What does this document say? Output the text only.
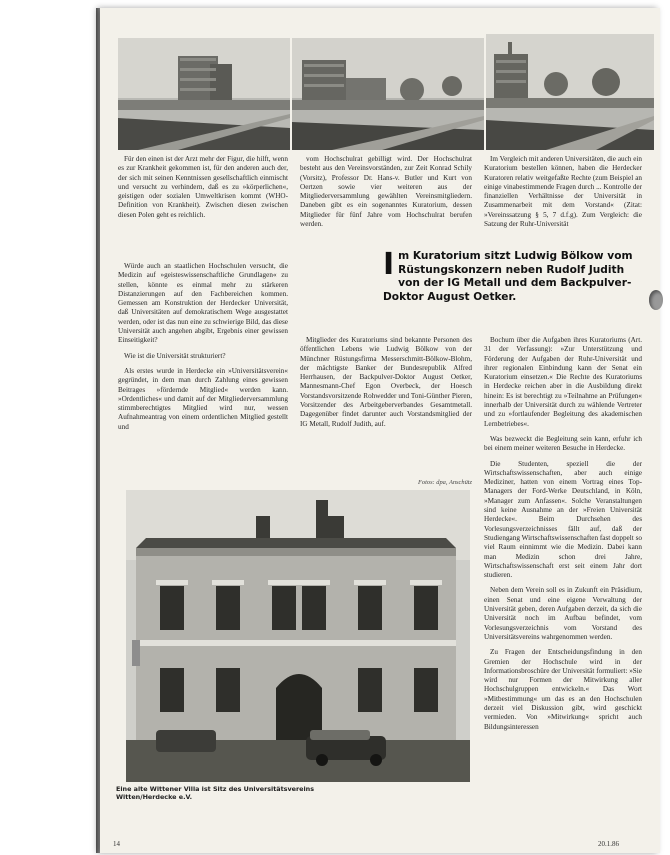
Für den einen ist der Arzt mehr der Figur, die hilft, wenn es zur Krankheit gekommen ist, für den anderen auch der, der sich mit seinen Kenntnissen gesellschaftlich einmischt und versucht zu verhindern, daß es zu »körperlichen«, geistigen oder sozialen Umweltkrisen kommt (WHO-Definition von Krankheit). Zwischen diesen zwischen diesen Polen geht es reichlich.

vom Hochschulrat gebilligt wird. Der Hochschulrat besteht aus den Vereinsvorständen, zur Zeit Konrad Schily (Vorsitz), Professor Dr. Hans-v. Butler und Kurt von Oertzen sowie vier weiteren aus der Mitgliederversammlung gewählten Vereinsmitgliedern. Daneben gibt es ein sogenanntes Kuratorium, dessen Mitglieder für fünf Jahre vom Hochschulrat berufen werden.

Im Vergleich mit anderen Universitäten, die auch ein Kuratorium bestellen können, haben die Herdecker Kuratoren relativ weitgefaßte Rechte (zum Beispiel an einige vinabestimmende Fragen durch ... Kontrolle der finanziellen Verhältnisse der Universität in Zusammenarbeit mit dem Vorstand« (Zitat: »Vereinssatzung § 5, 7 d.f.g). Zum Vergleich: die Satzung der Ruhr-Universität

Im Kuratorium sitzt Ludwig Bölkow vom Rüstungskonzern neben Rudolf Judith von der IG Metall und dem Backpulver-Doktor August Oetker.

Würde auch an staatlichen Hochschulen versucht, die Medizin auf »geisteswissenschaftliche Grundlagen« zu stellen, könnte es einmal mehr zu stärkeren Distanzierungen auf den Fachbereichen kommen. Gemessen am Konstruktion der Herdecker Universität, daß Universitäten auf demokratischem Wege ausgestattet werden, oder ist das nun eine zu schwierige Bild, das diese Universität auch angehen abgibt, Ergebnis einer gewissen Einseitigkeit?

Wie ist die Universität strukturiert?

Als erstes wurde in Herdecke ein »Universitätsverein« gegründet, in dem man durch Zahlung eines gewissen Beitrages »fördernde Mitglied« werden kann. »Ordentliches« und damit auf der Mitgliederversammlung stimmberechtigtes Mitglied wird nur, wessen Aufnahmeantrag von einem ordentlichen Mitglied gestellt und

Mitglieder des Kuratoriums sind bekannte Personen des öffentlichen Lebens wie Ludwig Bölkow von der Münchner Rüstungsfirma Messerschmitt-Bölkow-Blohm, der mächtigste Banker der Bundesrepublik Alfred Herrhausen, der Backpulver-Doktor August Oetker, Mannesmann-Chef Egon Overbeck, der Hoesch Vorstandsvorsitzende Rohwedder und Toni-Günther Pieren, Vorsitzender des Arbeitgeberverbandes Gesamtmetall. Dagegenüber findet darunter auch Vorstandsmitglied der IG Metall, Rudolf Judith, auf.

Fotos: dpa, Anschütz

Bochum über die Aufgaben ihres Kuratoriums (Art. 31 der Verfassung): »Zur Unterstützung und Förderung der Aufgaben der Ruhr-Universität und ihrer regionalen Einbindung kann der Senat ein Kuratorium einsetzen.« Die Rechte des Kuratoriums in Herdecke reichen aber in die Ausbildung direkt hinein: Es ist berechtigt zu »Teilnahme an Prüfungen« innerhalb der Universität durch zu wählende Vertreter und zu »fortlaufender Begleitung des akademischen Lernbetriebes«.

Was bezweckt die Begleitung sein kann, erfuhr ich bei einem meiner weiteren Besuche in Herdecke.

Die Studenten, speziell die der Wirtschaftswissenschaften, aber auch einige Mediziner, hatten von einem Vortrag eines Top-Managers der Ford-Werke Deutschland, in Köln, »Manager zum Anfassen«. Solche Veranstaltungen sind keine Ausnahme an der »Freien Universität Herdecke«. Beim Durchsehen des Vorlesungsverzeichnisses fällt auf, daß der Studiengang Wirtschaftswissenschaften fast doppelt so viel Raum einnimmt wie die Medizin. Dabei kann man Medizin schon drei Jahre, Wirtschaftswissenschaft erst seit einem Jahr dort studieren.

Neben dem Verein soll es in Zukunft ein Präsidium, einen Senat und eine eigene Verwaltung der Universität geben, deren Aufgaben derzeit, da sich die Universität noch im Aufbau befindet, vom Vorlesungsverzeichnis vom Vorstand des Universitätsvereins wahrgenommen werden.

Zu Fragen der Entscheidungsfindung in den Gremien der Hochschule wird in der Informationsbroschüre der Universität formuliert: »Sie wird nur Formen der Mitwirkung aller Hochschulgruppen entwickeln.« Das Wort »Mitbestimmung« um das es an den Hochschulen derzeit viel Diskussion gibt, wird geschickt vermieden. Von »Mitwirkung« spricht auch Bildungsinteressen

Eine alte Wittener Villa ist Sitz des Universitätsvereins Witten/Herdecke e.V.
14	20.1.86
